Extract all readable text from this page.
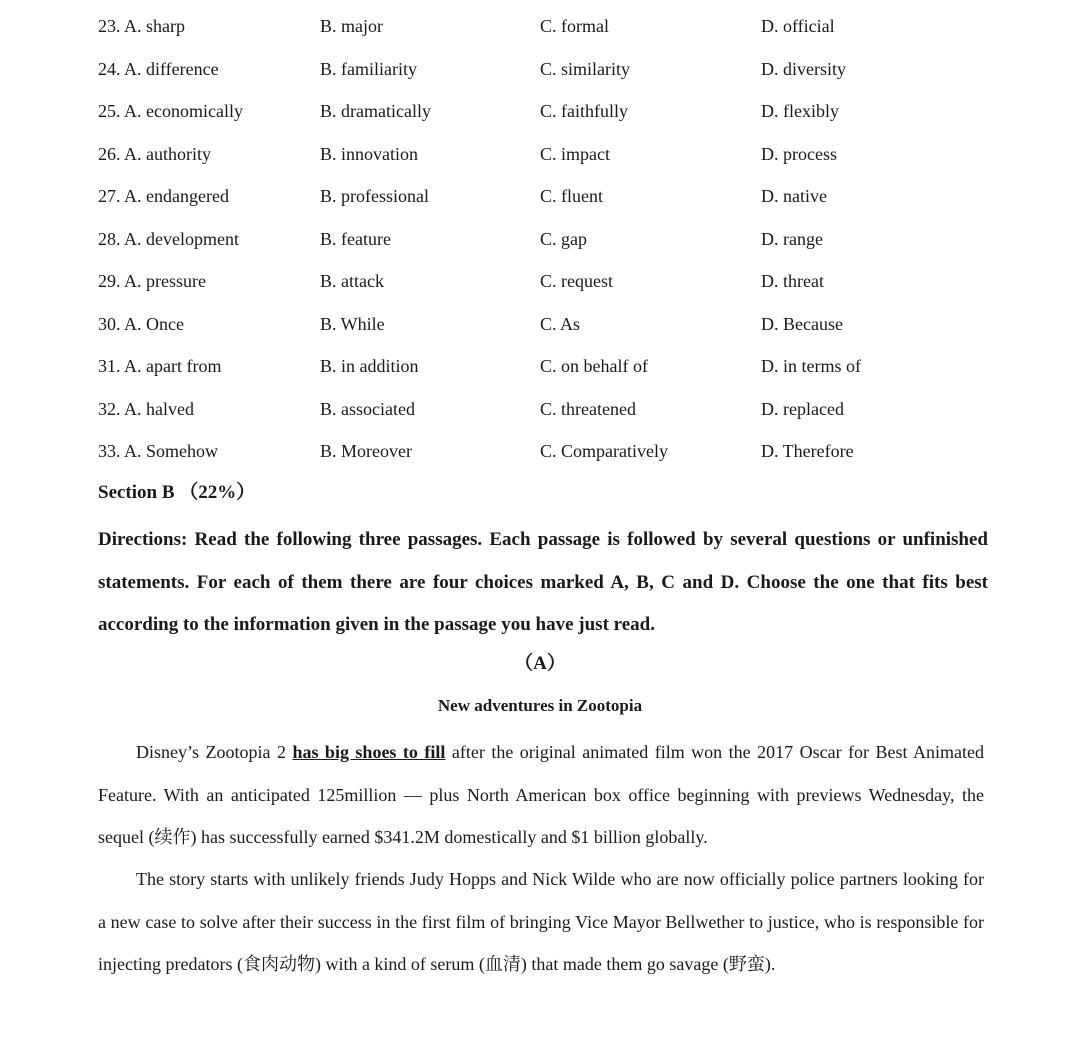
23. A. sharp	B. major	C. formal	D. official
24. A. difference	B. familiarity	C. similarity	D. diversity
25. A. economically	B. dramatically	C. faithfully	D. flexibly
26. A. authority	B. innovation	C. impact	D. process
27. A. endangered	B. professional	C. fluent	D. native
28. A. development	B. feature	C. gap	D. range
29. A. pressure	B. attack	C. request	D. threat
30. A. Once	B. While	C. As	D. Because
31. A. apart from	B. in addition	C. on behalf of	D. in terms of
32. A. halved	B. associated	C. threatened	D. replaced
33. A. Somehow	B. Moreover	C. Comparatively	D. Therefore
Section B （22%）
Directions: Read the following three passages. Each passage is followed by several questions or unfinished statements. For each of them there are four choices marked A, B, C and D. Choose the one that fits best according to the information given in the passage you have just read.
（A）
New adventures in Zootopia
Disney’s Zootopia 2 has big shoes to fill after the original animated film won the 2017 Oscar for Best Animated Feature. With an anticipated 125million — plus North American box office beginning with previews Wednesday, the sequel (续作) has successfully earned $341.2M domestically and $1 billion globally.
The story starts with unlikely friends Judy Hopps and Nick Wilde who are now officially police partners looking for a new case to solve after their success in the first film of bringing Vice Mayor Bellwether to justice, who is responsible for injecting predators (食肉动物) with a kind of serum (血清) that made them go savage (野蛮).
